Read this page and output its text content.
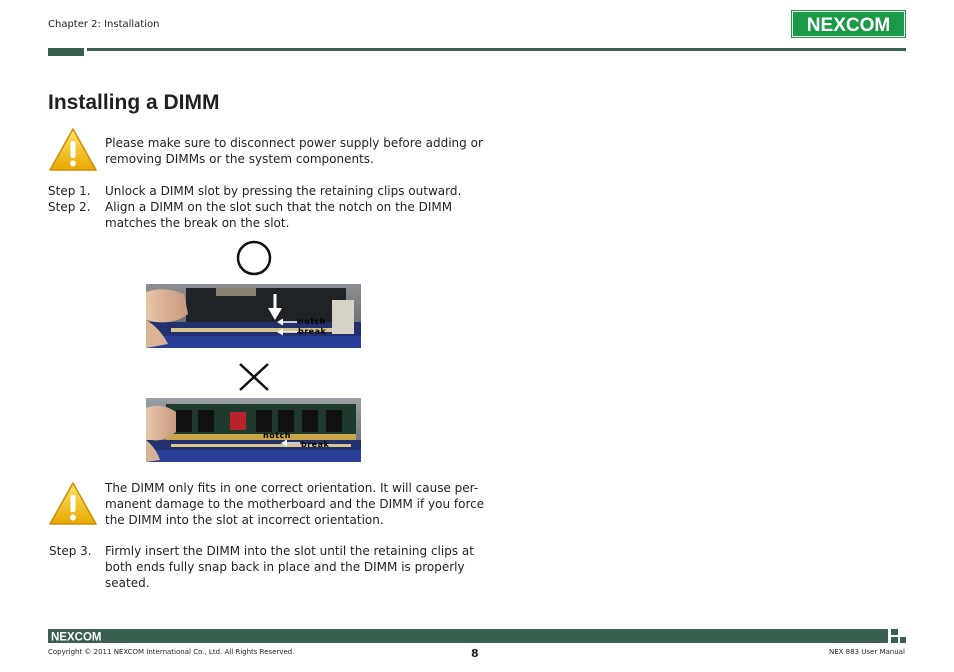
Chapter 2: Installation	NEXCOM
Installing a DIMM
Please make sure to disconnect power supply before adding or
removing DIMMs or the system components.
Step 1. Unlock a DIMM slot by pressing the retaining clips outward.
Step 2. Align a DIMM on the slot such that the notch on the DIMM
matches the break on the slot.
notch
break
notch
break
The DIMM only fits in one correct orientation. It will cause per-
manent damage to the motherboard and the DIMM if you force
the DIMM into the slot at incorrect orientation.
Step 3. Firmly insert the DIMM into the slot until the retaining clips at
both ends fully snap back in place and the DIMM is properly
seated.
NEXCOM
Copyright © 2011 NEXCOM International Co., Ltd. All Rights Reserved.	8	NEX 883 User Manual
